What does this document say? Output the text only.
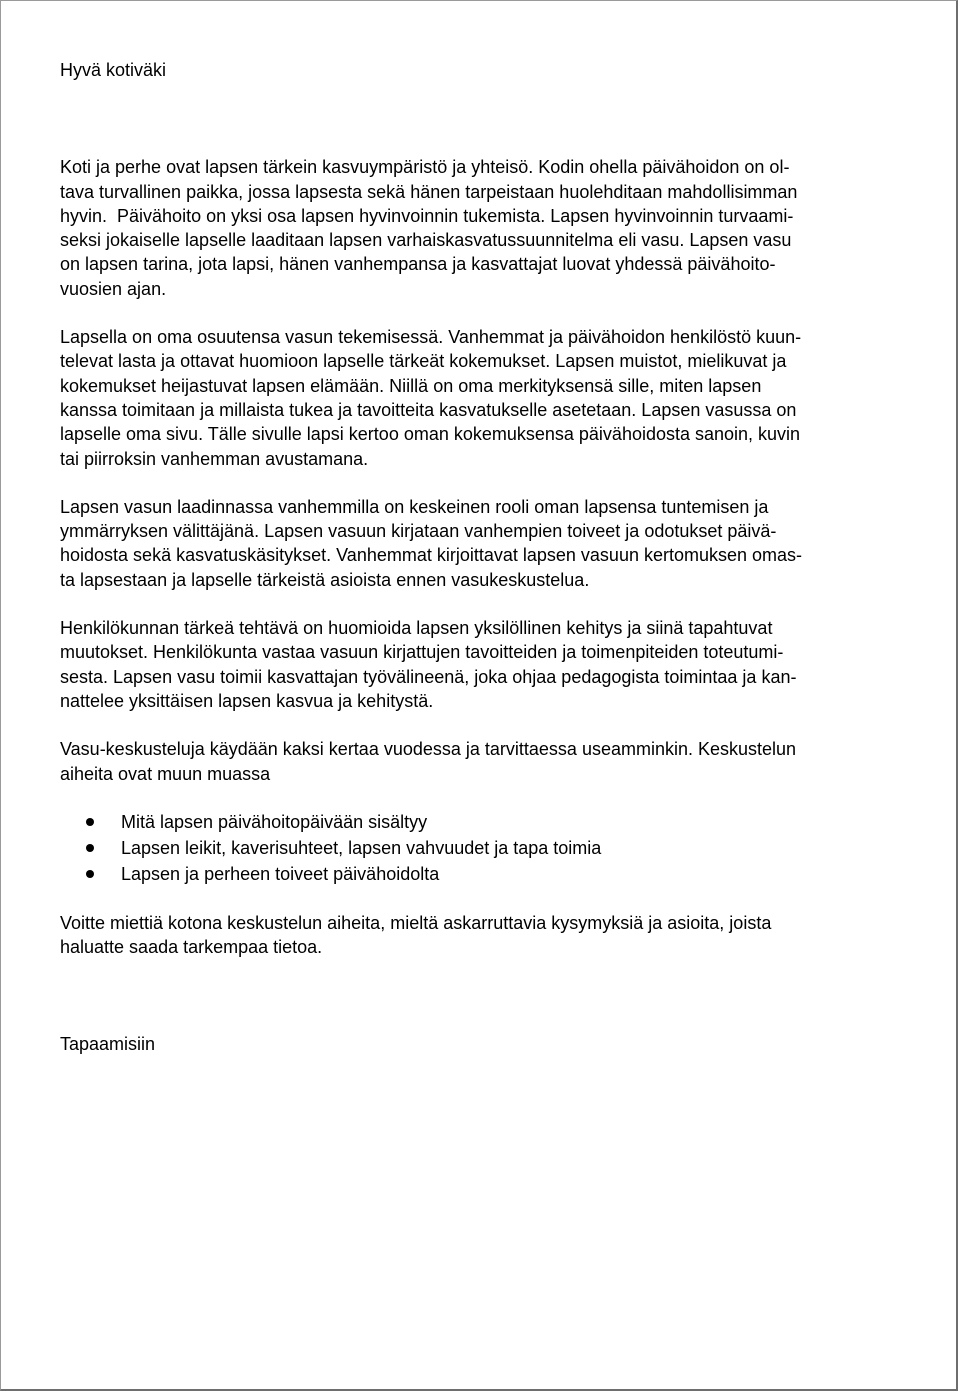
Hyvä kotiväki
Koti ja perhe ovat lapsen tärkein kasvuympäristö ja yhteisö. Kodin ohella päivähoidon on ol-
tava turvallinen paikka, jossa lapsesta sekä hänen tarpeistaan huolehditaan mahdollisimman
hyvin.  Päivähoito on yksi osa lapsen hyvinvoinnin tukemista. Lapsen hyvinvoinnin turvaami-
seksi jokaiselle lapselle laaditaan lapsen varhaiskasvatussuunnitelma eli vasu. Lapsen vasu
on lapsen tarina, jota lapsi, hänen vanhempansa ja kasvattajat luovat yhdessä päivähoito-
vuosien ajan.
Lapsella on oma osuutensa vasun tekemisessä. Vanhemmat ja päivähoidon henkilöstö kuun-
televat lasta ja ottavat huomioon lapselle tärkeät kokemukset. Lapsen muistot, mielikuvat ja
kokemukset heijastuvat lapsen elämään. Niillä on oma merkityksensä sille, miten lapsen
kanssa toimitaan ja millaista tukea ja tavoitteita kasvatukselle asetetaan. Lapsen vasussa on
lapselle oma sivu. Tälle sivulle lapsi kertoo oman kokemuksensa päivähoidosta sanoin, kuvin
tai piirroksin vanhemman avustamana.
Lapsen vasun laadinnassa vanhemmilla on keskeinen rooli oman lapsensa tuntemisen ja
ymmärryksen välittäjänä. Lapsen vasuun kirjataan vanhempien toiveet ja odotukset päivä-
hoidosta sekä kasvatuskäsitykset. Vanhemmat kirjoittavat lapsen vasuun kertomuksen omas-
ta lapsestaan ja lapselle tärkeistä asioista ennen vasukeskustelua.
Henkilökunnan tärkeä tehtävä on huomioida lapsen yksilöllinen kehitys ja siinä tapahtuvat
muutokset. Henkilökunta vastaa vasuun kirjattujen tavoitteiden ja toimenpiteiden toteutumi-
sesta. Lapsen vasu toimii kasvattajan työvälineenä, joka ohjaa pedagogista toimintaa ja kan-
nattelee yksittäisen lapsen kasvua ja kehitystä.
Vasu-keskusteluja käydään kaksi kertaa vuodessa ja tarvittaessa useamminkin. Keskustelun
aiheita ovat muun muassa
Mitä lapsen päivähoitopäivään sisältyy
Lapsen leikit, kaverisuhteet, lapsen vahvuudet ja tapa toimia
Lapsen ja perheen toiveet päivähoidolta
Voitte miettiä kotona keskustelun aiheita, mieltä askarruttavia kysymyksiä ja asioita, joista
haluatte saada tarkempaa tietoa.
Tapaamisiin
